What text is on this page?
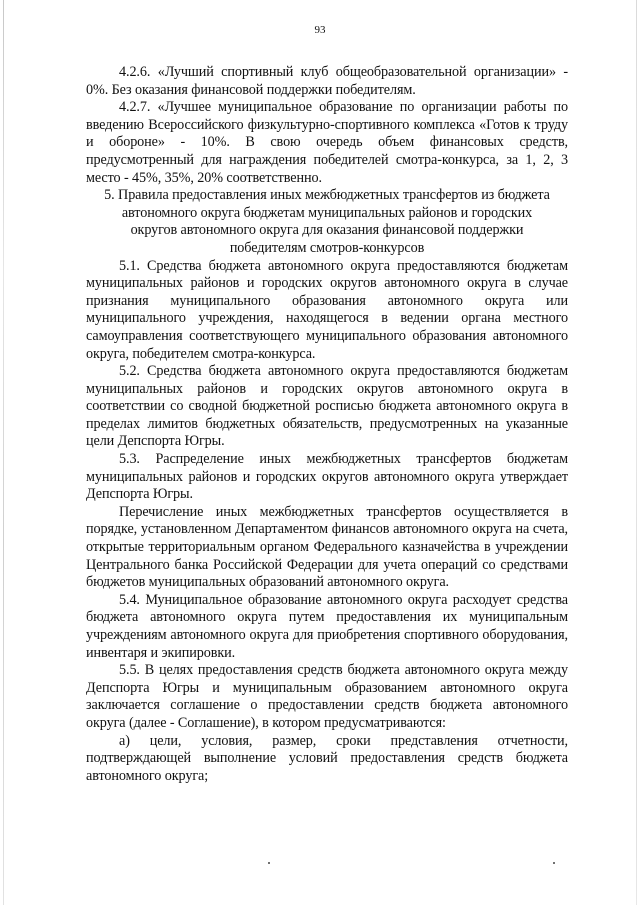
93

4.2.6. «Лучший спортивный клуб общеобразовательной организации» - 0%. Без оказания финансовой поддержки победителям.

4.2.7. «Лучшее муниципальное образование по организации работы по введению Всероссийского физкультурно-спортивного комплекса «Готов к труду и обороне» - 10%. В свою очередь объем финансовых средств, предусмотренный для награждения победителей смотра-конкурса, за 1, 2, 3 место - 45%, 35%, 20% соответственно.

5. Правила предоставления иных межбюджетных трансфертов из бюджета автономного округа бюджетам муниципальных районов и городских округов автономного округа для оказания финансовой поддержки победителям смотров-конкурсов

5.1. Средства бюджета автономного округа предоставляются бюджетам муниципальных районов и городских округов автономного округа в случае признания муниципального образования автономного округа или муниципального учреждения, находящегося в ведении органа местного самоуправления соответствующего муниципального образования автономного округа, победителем смотра-конкурса.

5.2. Средства бюджета автономного округа предоставляются бюджетам муниципальных районов и городских округов автономного округа в соответствии со сводной бюджетной росписью бюджета автономного округа в пределах лимитов бюджетных обязательств, предусмотренных на указанные цели Депспорта Югры.

5.3. Распределение иных межбюджетных трансфертов бюджетам муниципальных районов и городских округов автономного округа утверждает Депспорта Югры.

Перечисление иных межбюджетных трансфертов осуществляется в порядке, установленном Департаментом финансов автономного округа на счета, открытые территориальным органом Федерального казначейства в учреждении Центрального банка Российской Федерации для учета операций со средствами бюджетов муниципальных образований автономного округа.

5.4. Муниципальное образование автономного округа расходует средства бюджета автономного округа путем предоставления их муниципальным учреждениям автономного округа для приобретения спортивного оборудования, инвентаря и экипировки.

5.5. В целях предоставления средств бюджета автономного округа между Депспорта Югры и муниципальным образованием автономного округа заключается соглашение о предоставлении средств бюджета автономного округа (далее - Соглашение), в котором предусматриваются:

а) цели, условия, размер, сроки представления отчетности, подтверждающей выполнение условий предоставления средств бюджета автономного округа;
